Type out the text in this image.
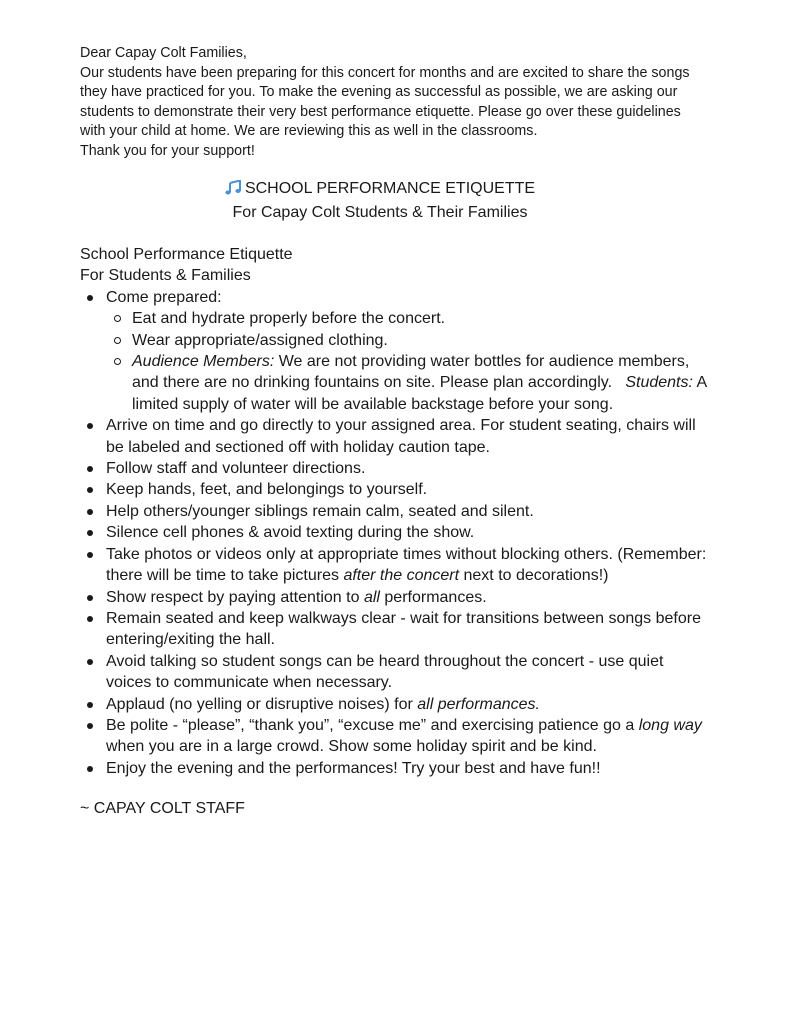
Dear Capay Colt Families,

Our students have been preparing for this concert for months and are excited to share the songs they have practiced for you. To make the evening as successful as possible, we are asking our students to demonstrate their very best performance etiquette. Please go over these guidelines with your child at home. We are reviewing this as well in the classrooms.

Thank you for your support!

SCHOOL PERFORMANCE ETIQUETTE
For Capay Colt Students & Their Families

School Performance Etiquette

For Students & Families

Come prepared:
Eat and hydrate properly before the concert.
Wear appropriate/assigned clothing.
Audience Members: We are not providing water bottles for audience members, and there are no drinking fountains on site. Please plan accordingly.   Students: A limited supply of water will be available backstage before your song.
Arrive on time and go directly to your assigned area. For student seating, chairs will be labeled and sectioned off with holiday caution tape.
Follow staff and volunteer directions.
Keep hands, feet, and belongings to yourself.
Help others/younger siblings remain calm, seated and silent.
Silence cell phones & avoid texting during the show.
Take photos or videos only at appropriate times without blocking others. (Remember: there will be time to take pictures after the concert next to decorations!)
Show respect by paying attention to all performances.
Remain seated and keep walkways clear - wait for transitions between songs before entering/exiting the hall.
Avoid talking so student songs can be heard throughout the concert - use quiet voices to communicate when necessary.
Applaud (no yelling or disruptive noises) for all performances.
Be polite - “please”, “thank you”, “excuse me” and exercising patience go a long way when you are in a large crowd. Show some holiday spirit and be kind.
Enjoy the evening and the performances! Try your best and have fun!!
~ CAPAY COLT STAFF
